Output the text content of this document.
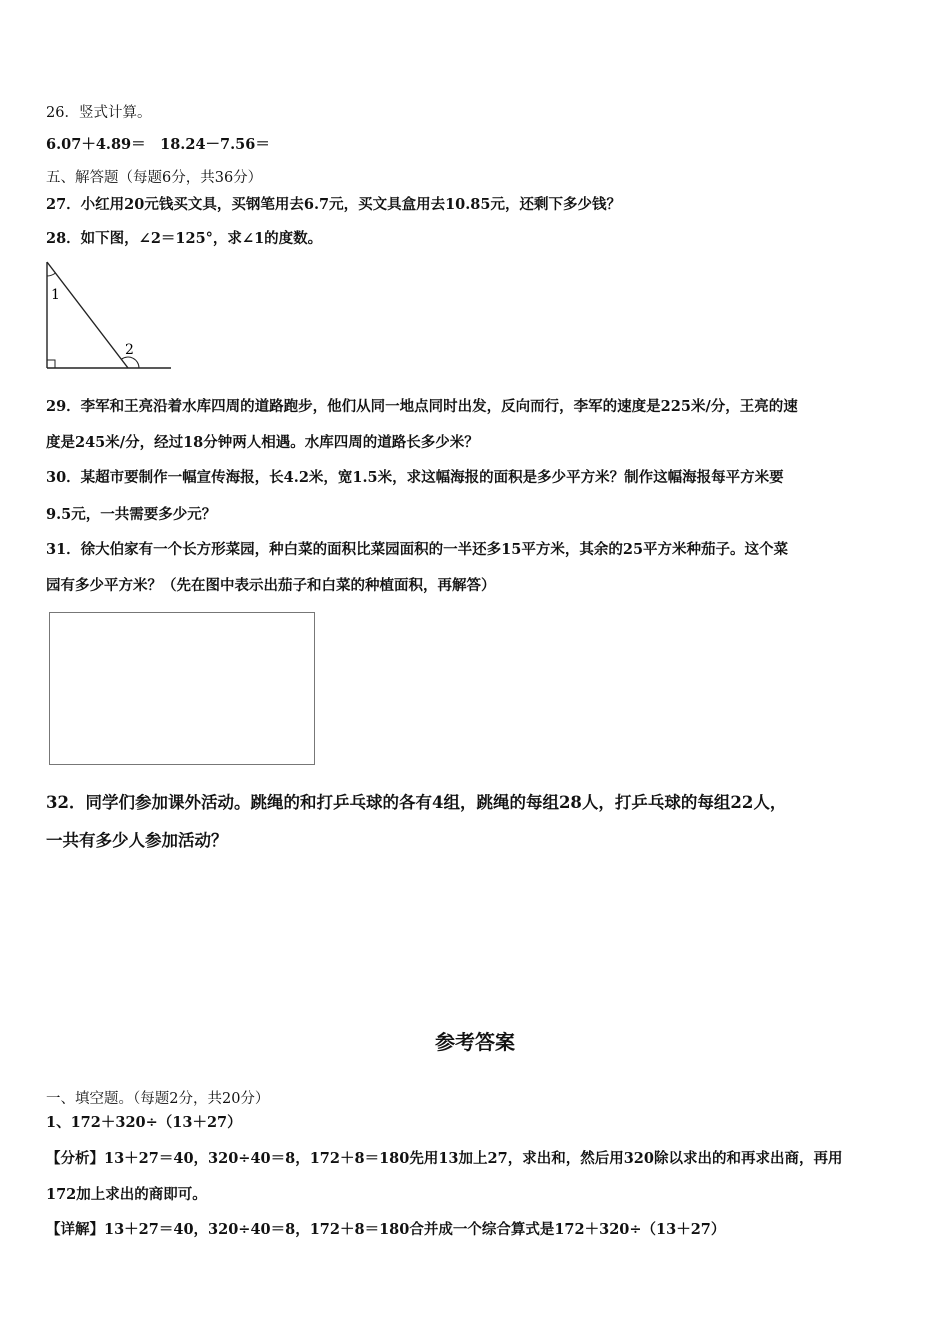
26．竖式计算。
6.07＋4.89＝　18.24－7.56＝
五、解答题（每题6分，共36分）
27．小红用20元钱买文具，买钢笔用去6.7元，买文具盒用去10.85元，还剩下多少钱？
28．如下图，∠2＝125°，求∠1的度数。
1
2
29．李军和王亮沿着水库四周的道路跑步，他们从同一地点同时出发，反向而行，李军的速度是225米/分，王亮的速
度是245米/分，经过18分钟两人相遇。水库四周的道路长多少米？
30．某超市要制作一幅宣传海报，长4.2米，宽1.5米，求这幅海报的面积是多少平方米？制作这幅海报每平方米要
9.5元，一共需要多少元？
31．徐大伯家有一个长方形菜园，种白菜的面积比菜园面积的一半还多15平方米，其余的25平方米种茄子。这个菜
园有多少平方米？（先在图中表示出茄子和白菜的种植面积，再解答）
32．同学们参加课外活动。跳绳的和打乒乓球的各有4组，跳绳的每组28人，打乒乓球的每组22人，
一共有多少人参加活动？
参考答案
一、填空题。（每题2分，共20分）
1、172＋320÷（13＋27）
【分析】13＋27＝40，320÷40＝8，172＋8＝180先用13加上27，求出和，然后用320除以求出的和再求出商，再用
172加上求出的商即可。
【详解】13＋27＝40，320÷40＝8，172＋8＝180合并成一个综合算式是172＋320÷（13＋27）
